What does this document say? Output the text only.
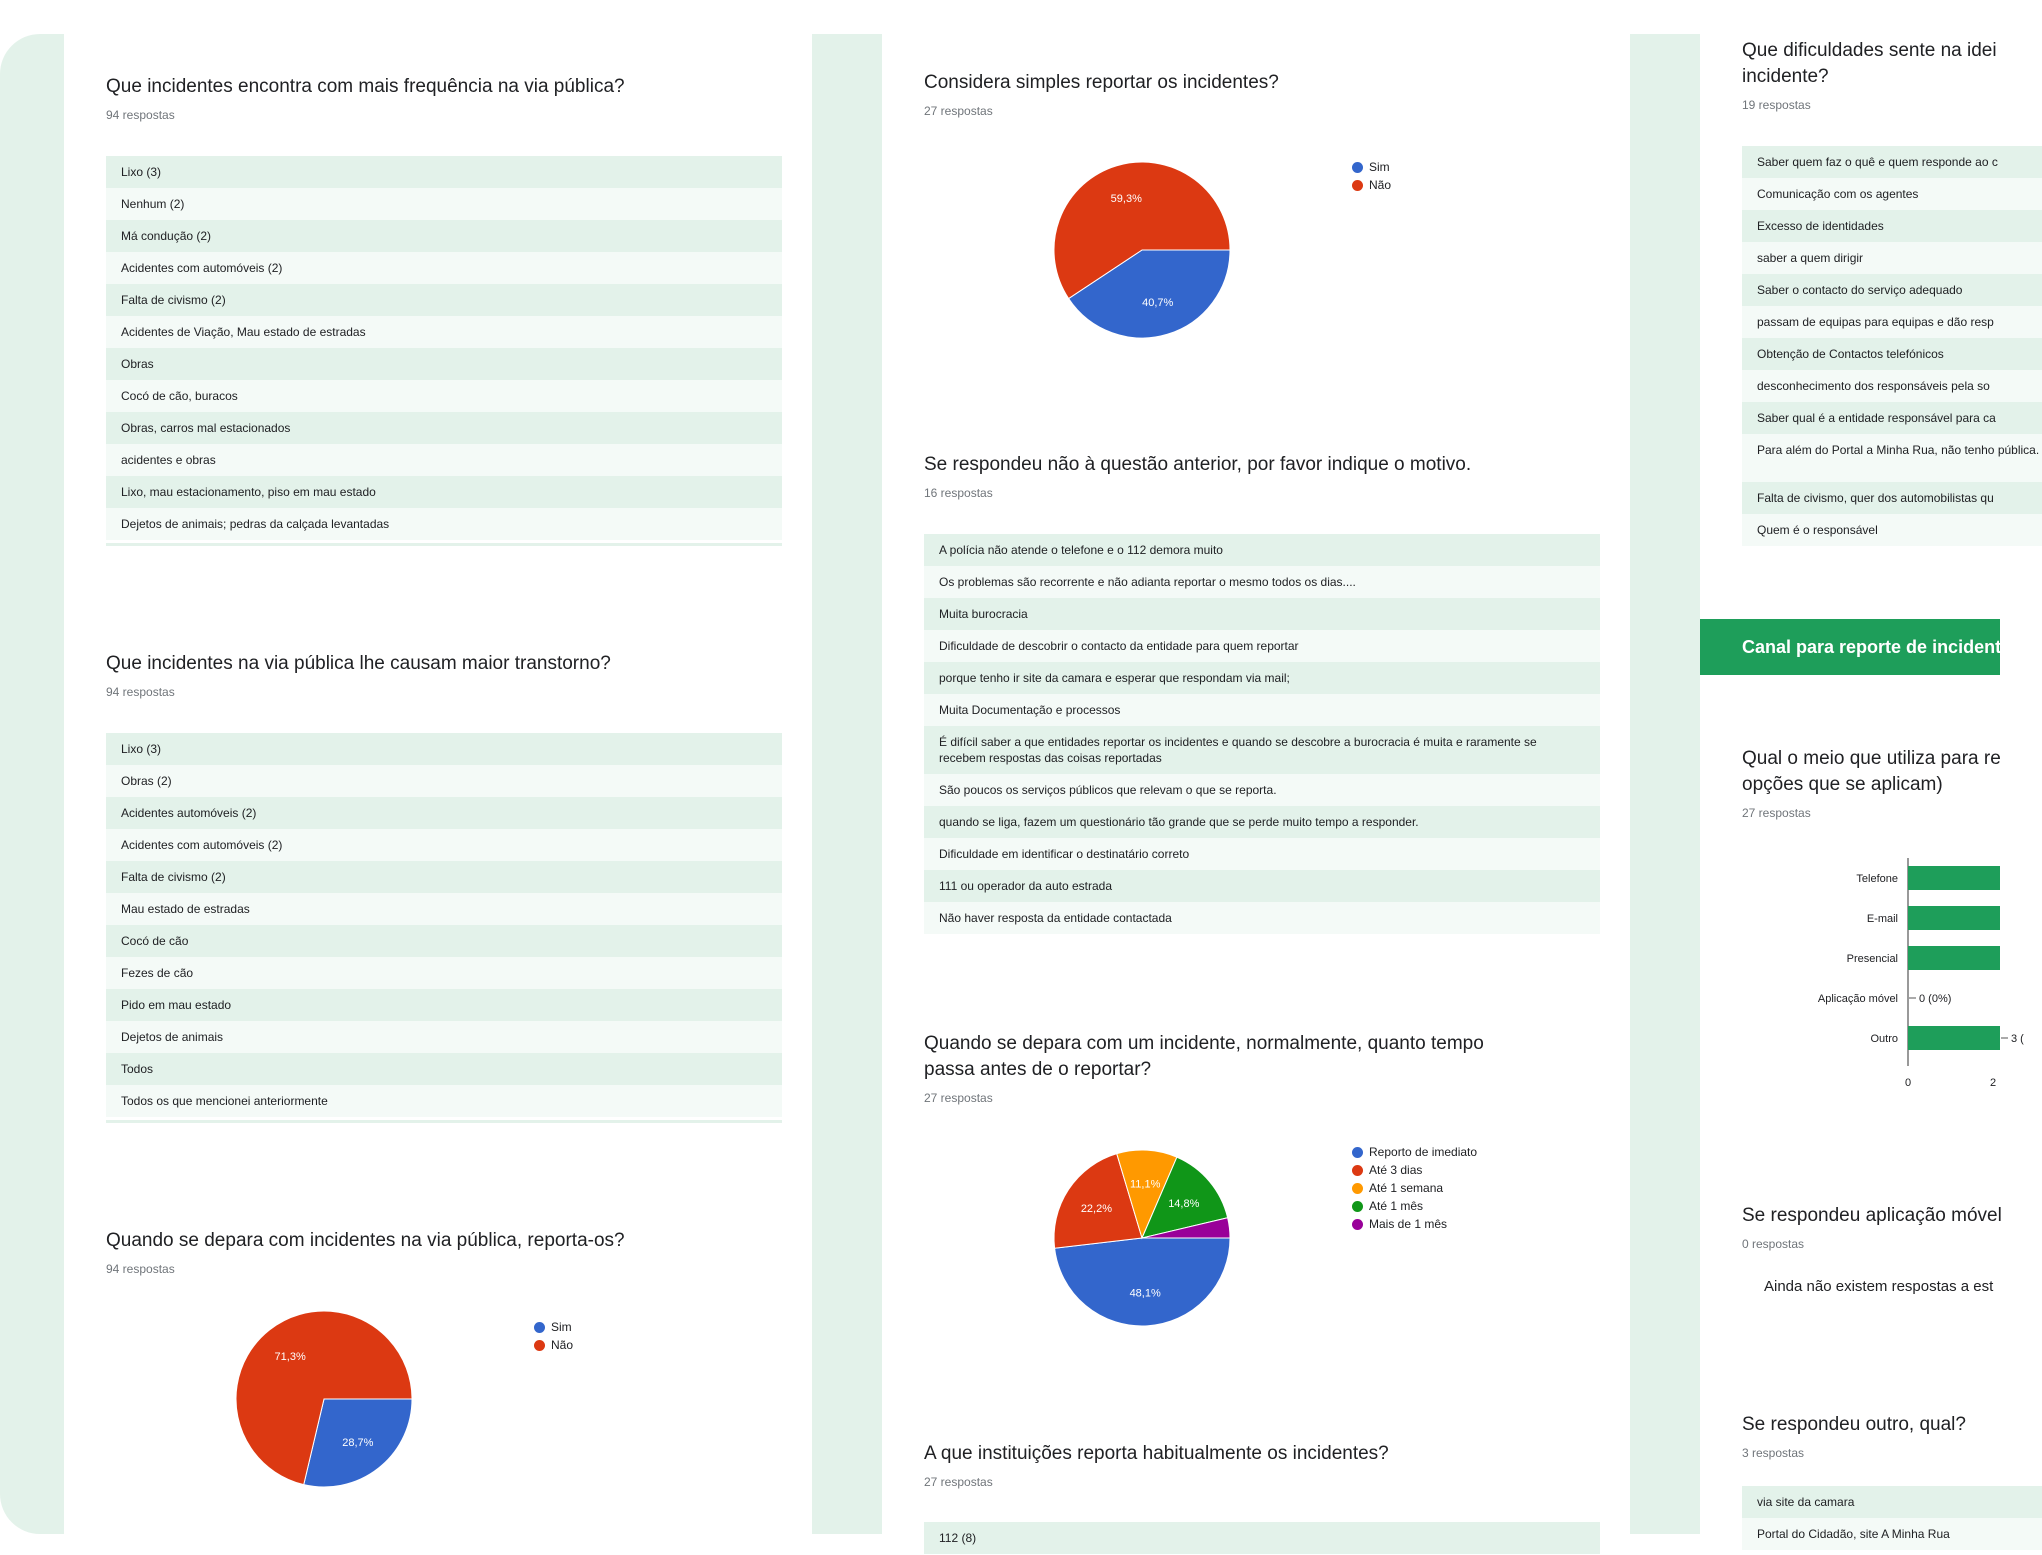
Que incidentes encontra com mais frequência na via pública?
94 respostas
Lixo (3)
Nenhum (2)
Má condução (2)
Acidentes com automóveis (2)
Falta de civismo (2)
Acidentes de Viação, Mau estado de estradas
Obras
Cocó de cão, buracos
Obras, carros mal estacionados
acidentes e obras
Lixo, mau estacionamento, piso em mau estado
Dejetos de animais; pedras da calçada levantadas
Que incidentes na via pública lhe causam maior transtorno?
94 respostas
Lixo (3)
Obras (2)
Acidentes automóveis (2)
Acidentes com automóveis (2)
Falta de civismo (2)
Mau estado de estradas
Cocó de cão
Fezes de cão
Pido em mau estado
Dejetos de animais
Todos
Todos os que mencionei anteriormente
Quando se depara com incidentes na via pública, reporta-os?
94 respostas
28,7%
71,3%
Sim
Não
Considera simples reportar os incidentes?
27 respostas
40,7%
59,3%
Sim
Não
Se respondeu não à questão anterior, por favor indique o motivo.
16 respostas
A polícia não atende o telefone e o 112 demora muito
Os problemas são recorrente e não adianta reportar o mesmo todos os dias....
Muita burocracia
Dificuldade de descobrir o contacto da entidade para quem reportar
porque tenho ir site da camara e esperar que respondam via mail;
Muita Documentação e processos
É difícil saber a que entidades reportar os incidentes e quando se descobre a burocracia é muita e raramente se recebem respostas das coisas reportadas
São poucos os serviços públicos que relevam o que se reporta.
quando se liga, fazem um questionário tão grande que se perde muito tempo a responder.
Dificuldade em identificar o destinatário correto
111 ou operador da auto estrada
Não haver resposta da entidade contactada
Quando se depara com um incidente, normalmente, quanto tempo passa antes de o reportar?
27 respostas
48,1%
22,2%
11,1%
14,8%
Reporto de imediato
Até 3 dias
Até 1 semana
Até 1 mês
Mais de 1 mês
A que instituições reporta habitualmente os incidentes?
27 respostas
112 (8)
Que dificuldades sente na idei
incidente?
19 respostas
Saber quem faz o quê e quem responde ao c
Comunicação com os agentes
Excesso de identidades
saber a quem dirigir
Saber o contacto do serviço adequado
passam de equipas para equipas e dão resp
Obtenção de Contactos telefónicos
desconhecimento dos responsáveis pela so
Saber qual é a entidade responsável para ca
Para além do Portal a Minha Rua, não tenho pública.
Falta de civismo, quer dos automobilistas qu
Quem é o responsável
Canal para reporte de incident
Qual o meio que utiliza para re
opções que se aplicam)
27 respostas
Telefone
E-mail
Presencial
Aplicação móvel 0 (0%)
Outro	3 (
0	2
Se respondeu aplicação móvel
0 respostas
Ainda não existem respostas a est
Se respondeu outro, qual?
3 respostas
via site da camara
Portal do Cidadão, site A Minha Rua
